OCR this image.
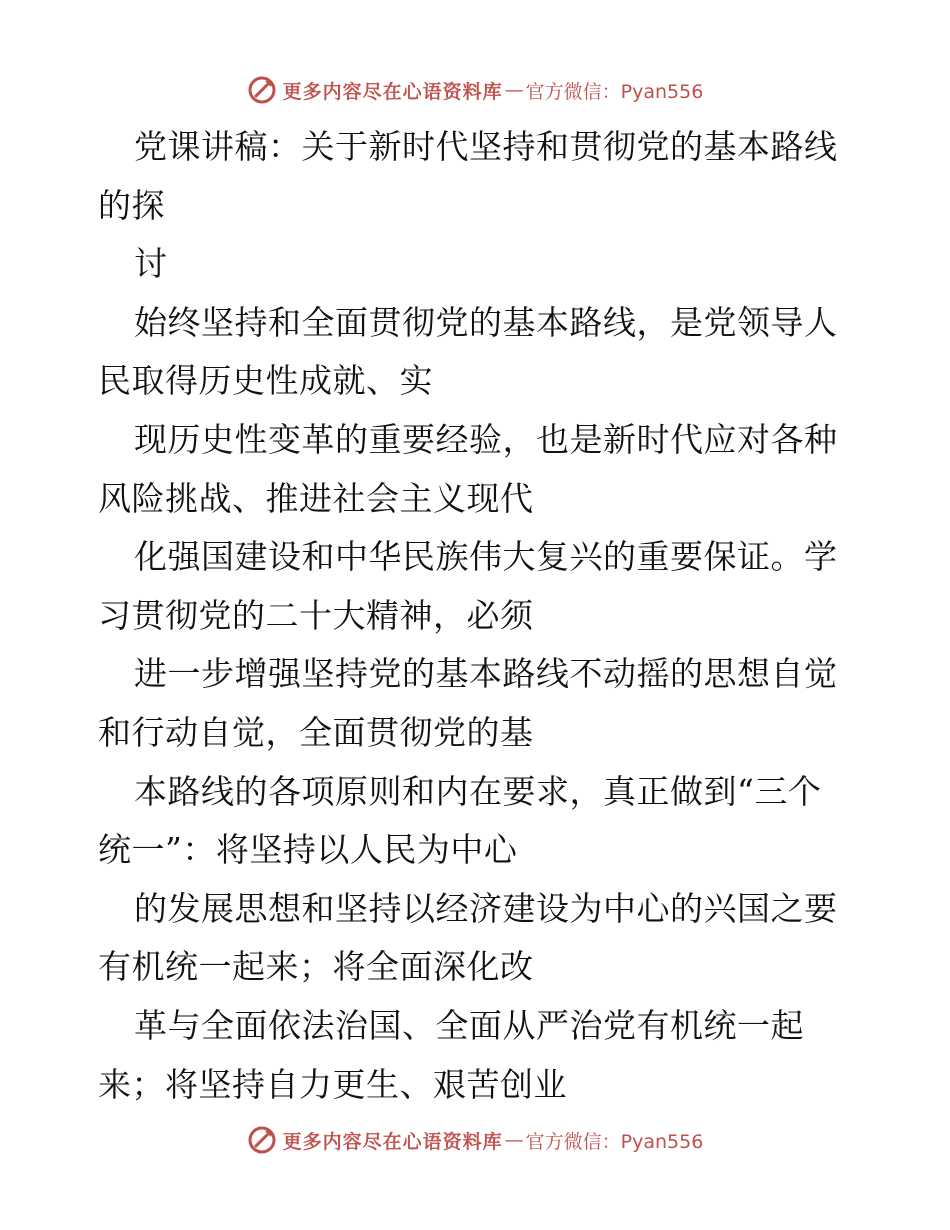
更多内容尽在心语资料库 — 官方微信：Pyan556
党课讲稿：关于新时代坚持和贯彻党的基本路线
的探
讨
始终坚持和全面贯彻党的基本路线，是党领导人
民取得历史性成就、实
现历史性变革的重要经验，也是新时代应对各种
风险挑战、推进社会主义现代
化强国建设和中华民族伟大复兴的重要保证。学
习贯彻党的二十大精神，必须
进一步增强坚持党的基本路线不动摇的思想自觉
和行动自觉，全面贯彻党的基
本路线的各项原则和内在要求，真正做到“三个
统一”：将坚持以人民为中心
的发展思想和坚持以经济建设为中心的兴国之要
有机统一起来；将全面深化改
革与全面依法治国、全面从严治党有机统一起
来；将坚持自力更生、艰苦创业
更多内容尽在心语资料库 — 官方微信：Pyan556
